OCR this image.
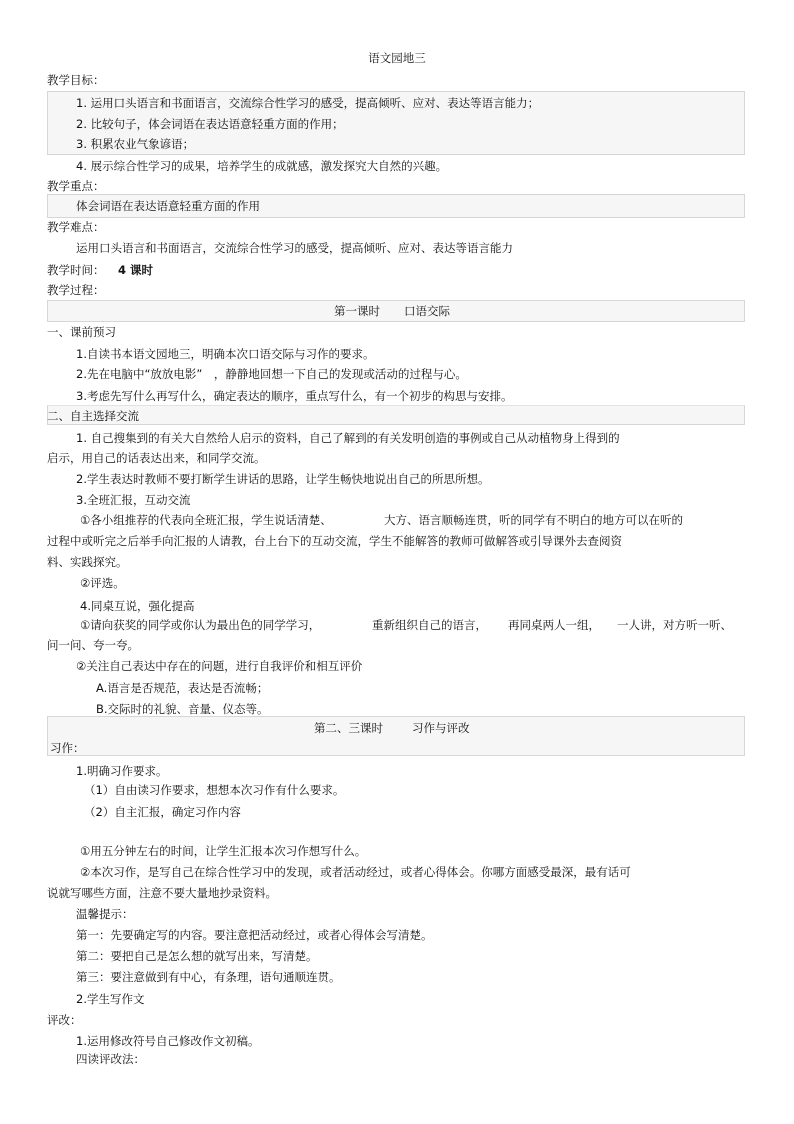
语文园地三
教学目标：
1. 运用口头语言和书面语言，交流综合性学习的感受，提高倾听、应对、表达等语言能力；
2. 比较句子，体会词语在表达语意轻重方面的作用；
3. 积累农业气象谚语；
4. 展示综合性学习的成果，培养学生的成就感，激发探究大自然的兴趣。
教学重点：
体会词语在表达语意轻重方面的作用
教学难点：
运用口头语言和书面语言，交流综合性学习的感受，提高倾听、应对、表达等语言能力
教学时间： 4 课时
教学过程：
第一课时 口语交际
一、课前预习
1.自读书本语文园地三，明确本次口语交际与习作的要求。
2.先在电脑中“放放电影”　，静静地回想一下自己的发现或活动的过程与心。
3.考虑先写什么再写什么，确定表达的顺序，重点写什么，有一个初步的构思与安排。
二、自主选择交流
1. 自己搜集到的有关大自然给人启示的资料，自己了解到的有关发明创造的事例或自己从动植物身上得到的
启示，用自己的话表达出来，和同学交流。
2.学生表达时教师不要打断学生讲话的思路，让学生畅快地说出自己的所思所想。
3.全班汇报，互动交流
①各小组推荐的代表向全班汇报，学生说话清楚、	大方、语言顺畅连贯，听的同学有不明白的地方可以在听的
过程中或听完之后举手向汇报的人请教，台上台下的互动交流，学生不能解答的教师可做解答或引导课外去查阅资
料、实践探究。
②评选。
4.同桌互说，强化提高
①请向获奖的同学或你认为最出色的同学学习，	重新组织自己的语言， 再同桌两人一组， 一人讲，对方听一听、
问一问、夸一夸。
②关注自己表达中存在的问题，进行自我评价和相互评价
A.语言是否规范，表达是否流畅；
B.交际时的礼貌、音量、仪态等。
第二、三课时	习作与评改
习作：
1.明确习作要求。
（1）自由读习作要求，想想本次习作有什么要求。
（2）自主汇报，确定习作内容
①用五分钟左右的时间，让学生汇报本次习作想写什么。
②本次习作，是写自己在综合性学习中的发现，或者活动经过，或者心得体会。你哪方面感受最深，最有话可
说就写哪些方面，注意不要大量地抄录资料。
温馨提示：
第一：先要确定写的内容。要注意把活动经过，或者心得体会写清楚。
第二：要把自己是怎么想的就写出来，写清楚。
第三：要注意做到有中心，有条理，语句通顺连贯。
2.学生写作文
评改：
1.运用修改符号自己修改作文初稿。
四读评改法：
